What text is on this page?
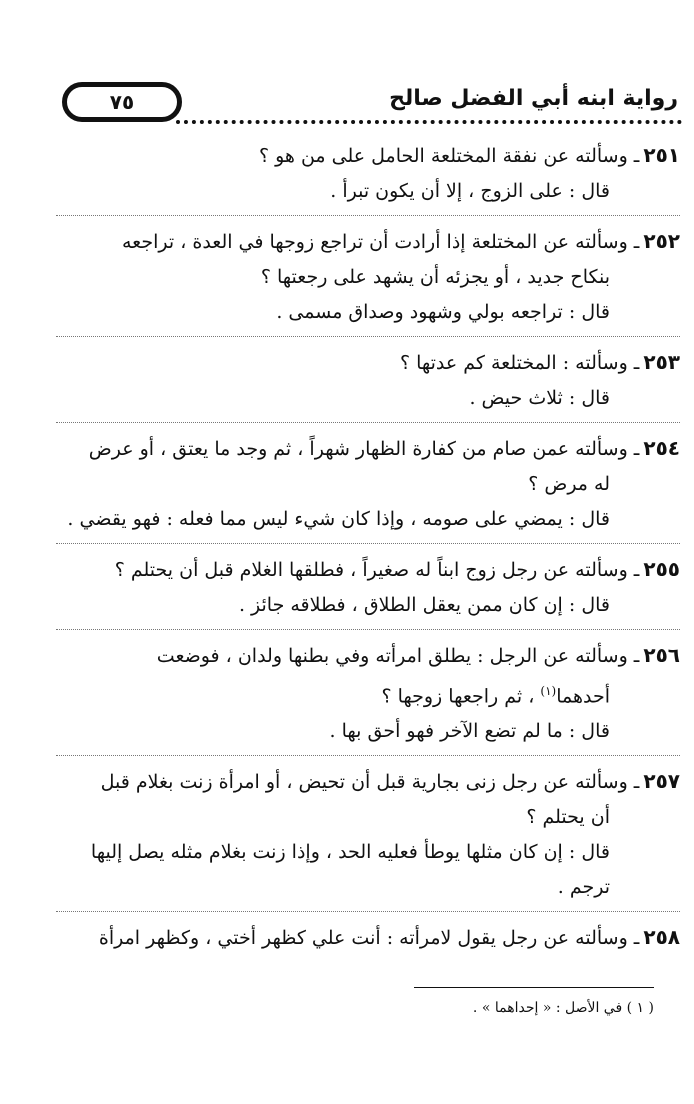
٧٥	رواية ابنه أبي الفضل صالح
٢٥١ـ وسألته عن نفقة المختلعة الحامل على من هو ؟
قال : على الزوج ، إلا أن يكون تبرأ .
٢٥٢ـ وسألته عن المختلعة إذا أرادت أن تراجع زوجها في العدة ، تراجعه
بنكاح جديد ، أو يجزئه أن يشهد على رجعتها ؟
قال : تراجعه بولي وشهود وصداق مسمى .
٢٥٣ـ وسألته : المختلعة كم عدتها ؟
قال : ثلاث حيض .
٢٥٤ـ وسألته عمن صام من كفارة الظهار شهراً ، ثم وجد ما يعتق ، أو عرض
له مرض ؟
قال : يمضي على صومه ، وإذا كان شيء ليس مما فعله : فهو يقضي .
٢٥٥ـ وسألته عن رجل زوج ابناً له صغيراً ، فطلقها الغلام قبل أن يحتلم ؟
قال : إن كان ممن يعقل الطلاق ، فطلاقه جائز .
٢٥٦ـ وسألته عن الرجل : يطلق امرأته وفي بطنها ولدان ، فوضعت
أحدهما$^{(١)}$ ، ثم راجعها زوجها ؟
قال : ما لم تضع الآخر فهو أحق بها .
٢٥٧ـ وسألته عن رجل زنى بجارية قبل أن تحيض ، أو امرأة زنت بغلام قبل
أن يحتلم ؟
قال : إن كان مثلها يوطأ فعليه الحد ، وإذا زنت بغلام مثله يصل إليها
ترجم .
٢٥٨ـ وسألته عن رجل يقول لامرأته : أنت علي كظهر أختي ، وكظهر امرأة
( ١ ) في الأصل : « إحداهما » .
